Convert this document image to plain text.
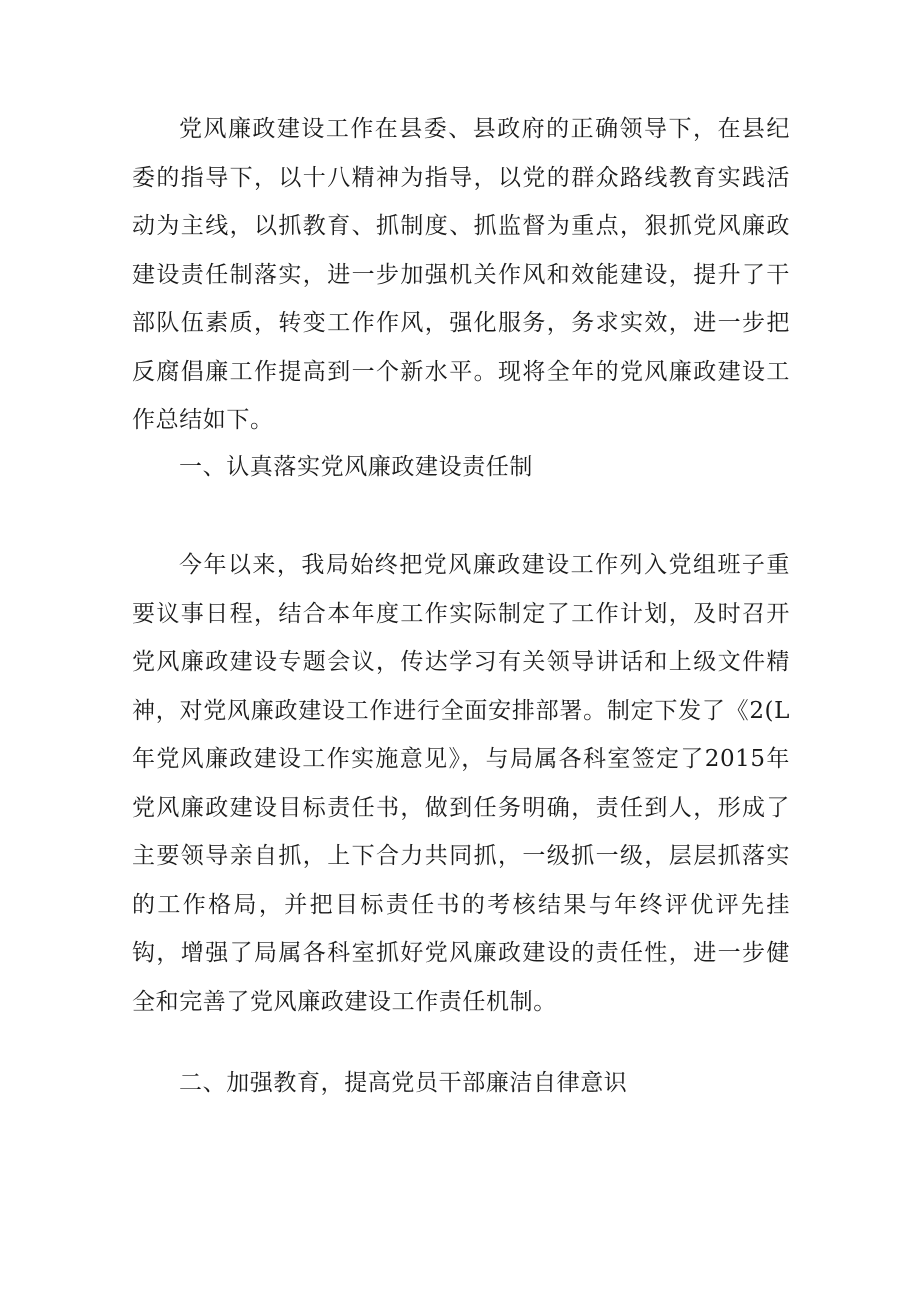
党风廉政建设工作在县委、县政府的正确领导下，在县纪委的指导下，以十八精神为指导，以党的群众路线教育实践活动为主线，以抓教育、抓制度、抓监督为重点，狠抓党风廉政建设责任制落实，进一步加强机关作风和效能建设，提升了干部队伍素质，转变工作作风，强化服务，务求实效，进一步把反腐倡廉工作提高到一个新水平。现将全年的党风廉政建设工作总结如下。

一、认真落实党风廉政建设责任制

今年以来，我局始终把党风廉政建设工作列入党组班子重要议事日程，结合本年度工作实际制定了工作计划，及时召开党风廉政建设专题会议，传达学习有关领导讲话和上级文件精神，对党风廉政建设工作进行全面安排部署。制定下发了《2(L年党风廉政建设工作实施意见》，与局属各科室签定了2015年党风廉政建设目标责任书，做到任务明确，责任到人，形成了主要领导亲自抓，上下合力共同抓，一级抓一级，层层抓落实的工作格局，并把目标责任书的考核结果与年终评优评先挂钩，增强了局属各科室抓好党风廉政建设的责任性，进一步健全和完善了党风廉政建设工作责任机制。

二、加强教育，提高党员干部廉洁自律意识
